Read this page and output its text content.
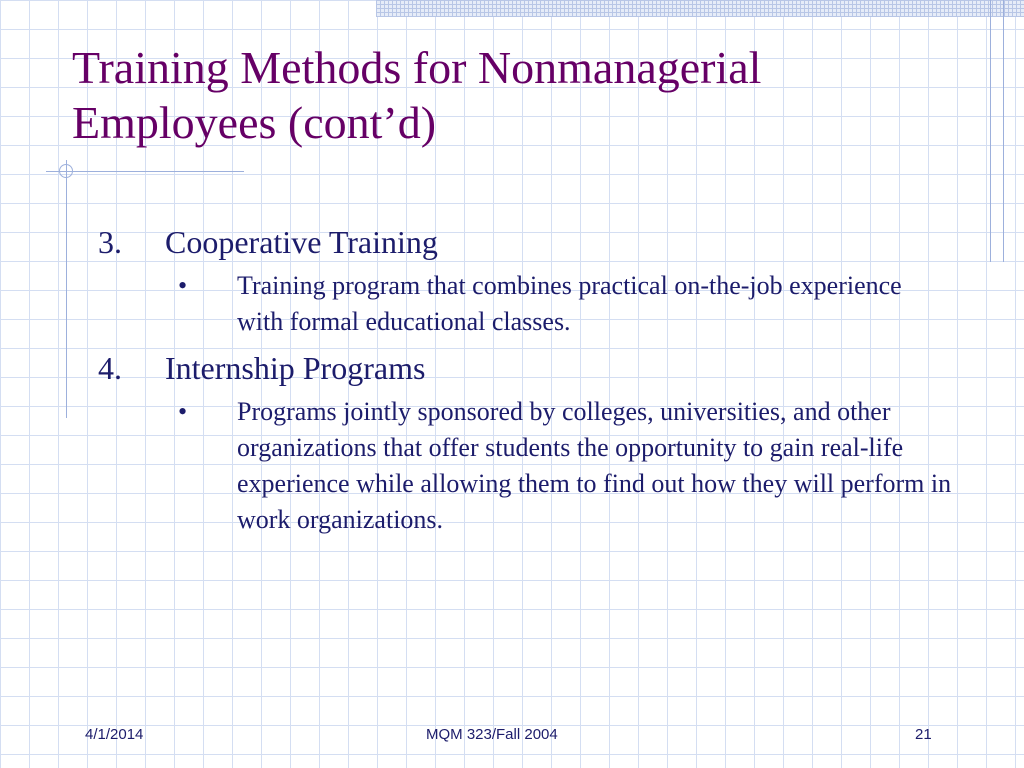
Training Methods for Nonmanagerial
Employees (cont’d)
3. Cooperative Training
• Training program that combines practical on-the-job experience with formal educational classes.
4. Internship Programs
• Programs jointly sponsored by colleges, universities, and other organizations that offer students the opportunity to gain real-life experience while allowing them to find out how they will perform in work organizations.
4/1/2014	MQM 323/Fall 2004	21
